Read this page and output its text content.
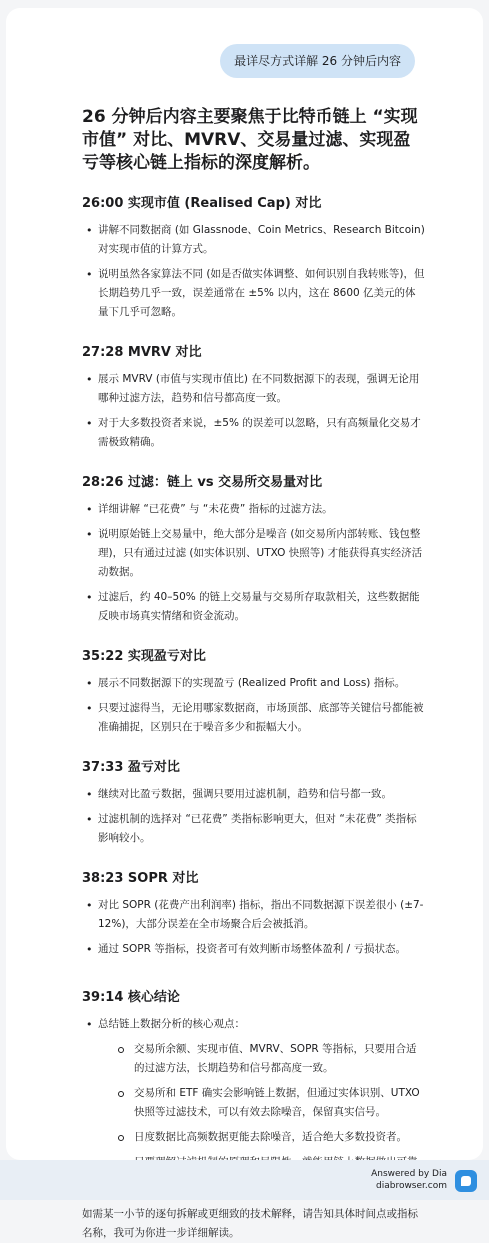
最详尽方式详解 26 分钟后内容
26 分钟后内容主要聚焦于比特币链上 “实现市值” 对比、MVRV、交易量过滤、实现盈亏等核心链上指标的深度解析。
26:00 实现市值 (Realised Cap) 对比
• 讲解不同数据商 (如 Glassnode、Coin Metrics、Research Bitcoin) 对实现市值的计算方式。
• 说明虽然各家算法不同 (如是否做实体调整、如何识别自我转账等)，但长期趋势几乎一致，误差通常在 ±5% 以内，这在 8600 亿美元的体量下几乎可忽略。
27:28 MVRV 对比
• 展示 MVRV (市值与实现市值比) 在不同数据源下的表现，强调无论用哪种过滤方法，趋势和信号都高度一致。
• 对于大多数投资者来说，±5% 的误差可以忽略，只有高频量化交易才需极致精确。
28:26 过滤：链上 vs 交易所交易量对比
• 详细讲解 “已花费” 与 “未花费” 指标的过滤方法。
• 说明原始链上交易量中，绝大部分是噪音 (如交易所内部转账、钱包整理)，只有通过过滤 (如实体识别、UTXO 快照等) 才能获得真实经济活动数据。
• 过滤后，约 40–50% 的链上交易量与交易所存取款相关，这些数据能反映市场真实情绪和资金流动。
35:22 实现盈亏对比
• 展示不同数据源下的实现盈亏 (Realized Profit and Loss) 指标。
• 只要过滤得当，无论用哪家数据商，市场顶部、底部等关键信号都能被准确捕捉，区别只在于噪音多少和振幅大小。
37:33 盈亏对比
• 继续对比盈亏数据，强调只要用过滤机制，趋势和信号都一致。
• 过滤机制的选择对 “已花费” 类指标影响更大，但对 “未花费” 类指标影响较小。
38:23 SOPR 对比
• 对比 SOPR (花费产出利润率) 指标，指出不同数据源下误差很小 (±7-12%)，大部分误差在全市场聚合后会被抵消。
• 通过 SOPR 等指标，投资者可有效判断市场整体盈利 / 亏损状态。
39:14 核心结论
• 总结链上数据分析的核心观点：
交易所余额、实现市值、MVRV、SOPR 等指标，只要用合适的过滤方法，长期趋势和信号都高度一致。
交易所和 ETF 确实会影响链上数据，但通过实体识别、UTXO 快照等过滤技术，可以有效去除噪音，保留真实信号。
日度数据比高频数据更能去除噪音，适合绝大多数投资者。

如需某一小节的逐句拆解或更细致的技术解释，请告知具体时间点或指标名称，我可为你进一步详细解读。

Answered by Dia
diabrowser.com
